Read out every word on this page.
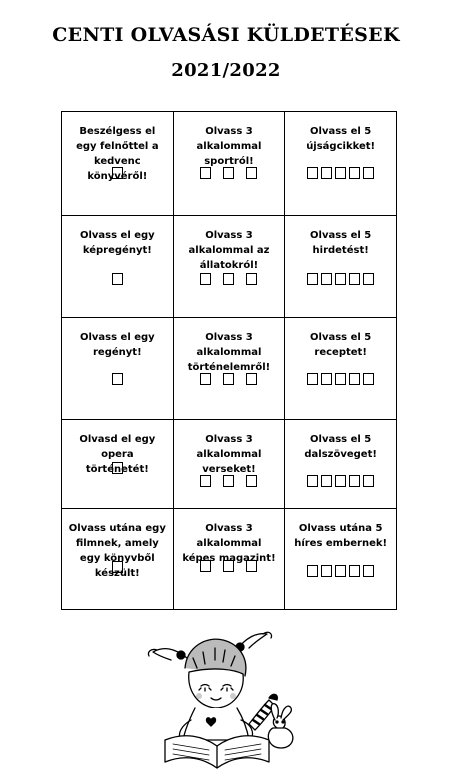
CENTI OLVASÁSI KÜLDETÉSEK
2021/2022
Beszélgess el egy felnőttel a kedvenc könyvéről!	Olvass 3 alkalommal sportról!	Olvass el 5 újságcikket!

Olvass el egy képregényt!	Olvass 3 alkalommal az állatokról!	Olvass el 5 hirdetést!

Olvass el egy regényt!	Olvass 3 alkalommal történelemről!	Olvass el 5 receptet!

Olvasd el egy opera történetét!	Olvass 3 alkalommal verseket!	Olvass el 5 dalszöveget!

Olvass utána egy filmnek, amely egy könyvből készült!	Olvass 3 alkalommal képes magazint!	Olvass utána 5 híres embernek!
